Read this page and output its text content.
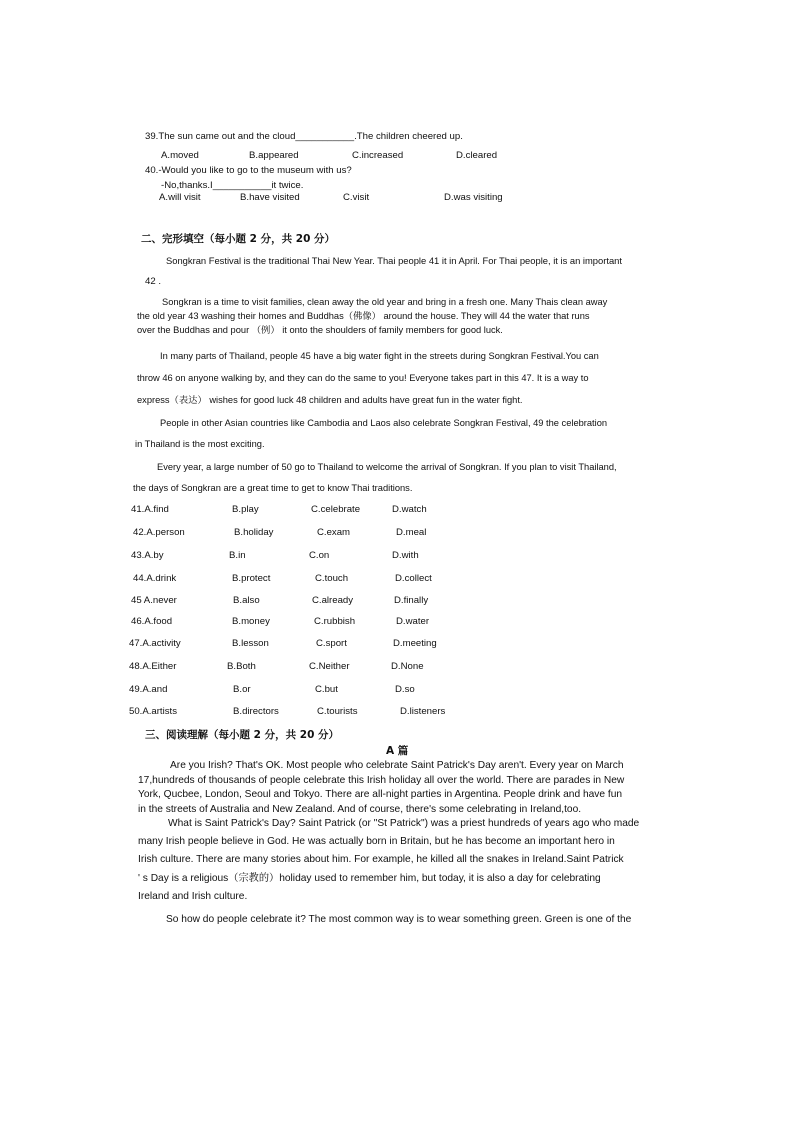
39.The sun came out and the cloud___________.The children cheered up.
A.moved	B.appeared	C.increased	D.cleared
40.-Would you like to go to the museum with us?
-No,thanks.I___________it twice.
A.will visit	B.have visited	C.visit	D.was visiting
二、完形填空（每小题 2 分，共 20 分）
Songkran Festival is the traditional Thai New Year. Thai people 41 it in April. For Thai people, it is an important
42 .
Songkran is a time to visit families, clean away the old year and bring in a fresh one. Many Thais clean away
the old year 43 washing their homes and Buddhas（佛像） around the house. They will 44 the water that runs
over the Buddhas and pour （例） it onto the shoulders of family members for good luck.
In many parts of Thailand, people 45 have a big water fight in the streets during Songkran Festival.You can
throw 46 on anyone walking by, and they can do the same to you! Everyone takes part in this 47. It is a way to
express（表达） wishes for good luck 48 children and adults have great fun in the water fight.
People in other Asian countries like Cambodia and Laos also celebrate Songkran Festival, 49 the celebration
in Thailand is the most exciting.
Every year, a large number of 50 go to Thailand to welcome the arrival of Songkran. If you plan to visit Thailand,
the days of Songkran are a great time to get to know Thai traditions.
41.A.find	B.play	C.celebrate	D.watch
42.A.person	B.holiday	C.exam	D.meal
43.A.by	B.in	C.on	D.with
44.A.drink	B.protect	C.touch	D.collect
45 A.never	B.also	C.already	D.finally
46.A.food	B.money	C.rubbish	D.water
47.A.activity	B.lesson	C.sport	D.meeting
48.A.Either	B.Both	C.Neither	D.None
49.A.and	B.or	C.but	D.so
50.A.artists	B.directors	C.tourists	D.listeners
三、阅读理解（每小题 2 分，共 20 分）
A 篇
Are you Irish? That's OK. Most people who celebrate Saint Patrick's Day aren't. Every year on March
17,hundreds of thousands of people celebrate this Irish holiday all over the world. There are parades in New
York, Qucbee, London, Seoul and Tokyo. There are all-night parties in Argentina. People drink and have fun
in the streets of Australia and New Zealand. And of course, there's some celebrating in Ireland,too.
What is Saint Patrick's Day? Saint Patrick (or "St Patrick") was a priest hundreds of years ago who made
many Irish people believe in God. He was actually born in Britain, but he has become an important hero in
Irish culture. There are many stories about him. For example, he killed all the snakes in Ireland.Saint Patrick
' s Day is a religious（宗教的）holiday used to remember him, but today, it is also a day for celebrating
Ireland and Irish culture.
So how do people celebrate it? The most common way is to wear something green. Green is one of the
